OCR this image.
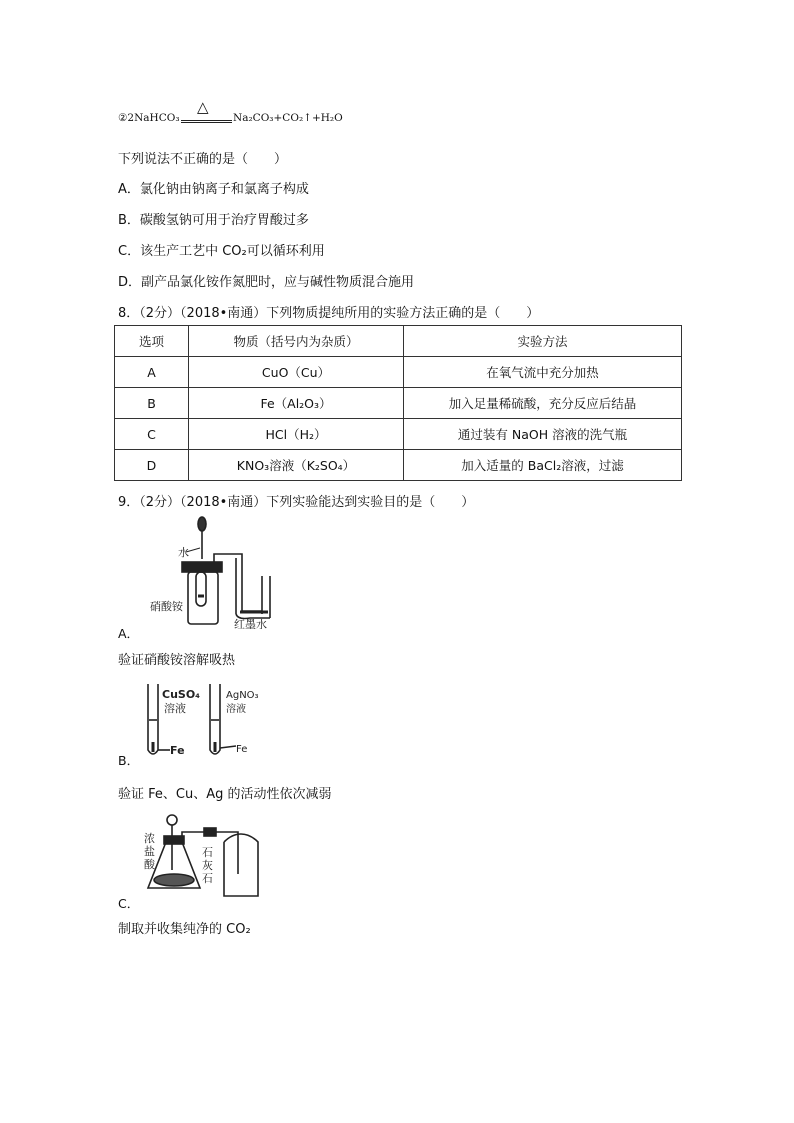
②2NaHCO₃
△
Na₂CO₃+CO₂↑+H₂O
下列说法不正确的是（　　）
A．氯化钠由钠离子和氯离子构成
B．碳酸氢钠可用于治疗胃酸过多
C．该生产工艺中 CO₂可以循环利用
D．副产品氯化铵作氮肥时，应与碱性物质混合施用
8．（2分）（2018•南通）下列物质提纯所用的实验方法正确的是（　　）
选项	物质（括号内为杂质）	实验方法
A	CuO（Cu）	在氧气流中充分加热
B	Fe（Al₂O₃）	加入足量稀硫酸，充分反应后结晶
C	HCl（H₂）	通过装有 NaOH 溶液的洗气瓶
D	KNO₃溶液（K₂SO₄）	加入适量的 BaCl₂溶液，过滤
9．（2分）（2018•南通）下列实验能达到实验目的是（　　）
水
硝酸铵
红墨水
A．
验证硝酸铵溶解吸热
CuSO₄
溶液
Fe
AgNO₃
溶液
Fe
B．
验证 Fe、Cu、Ag 的活动性依次减弱
浓
盐
酸
石
灰
石
C．
制取并收集纯净的 CO₂
